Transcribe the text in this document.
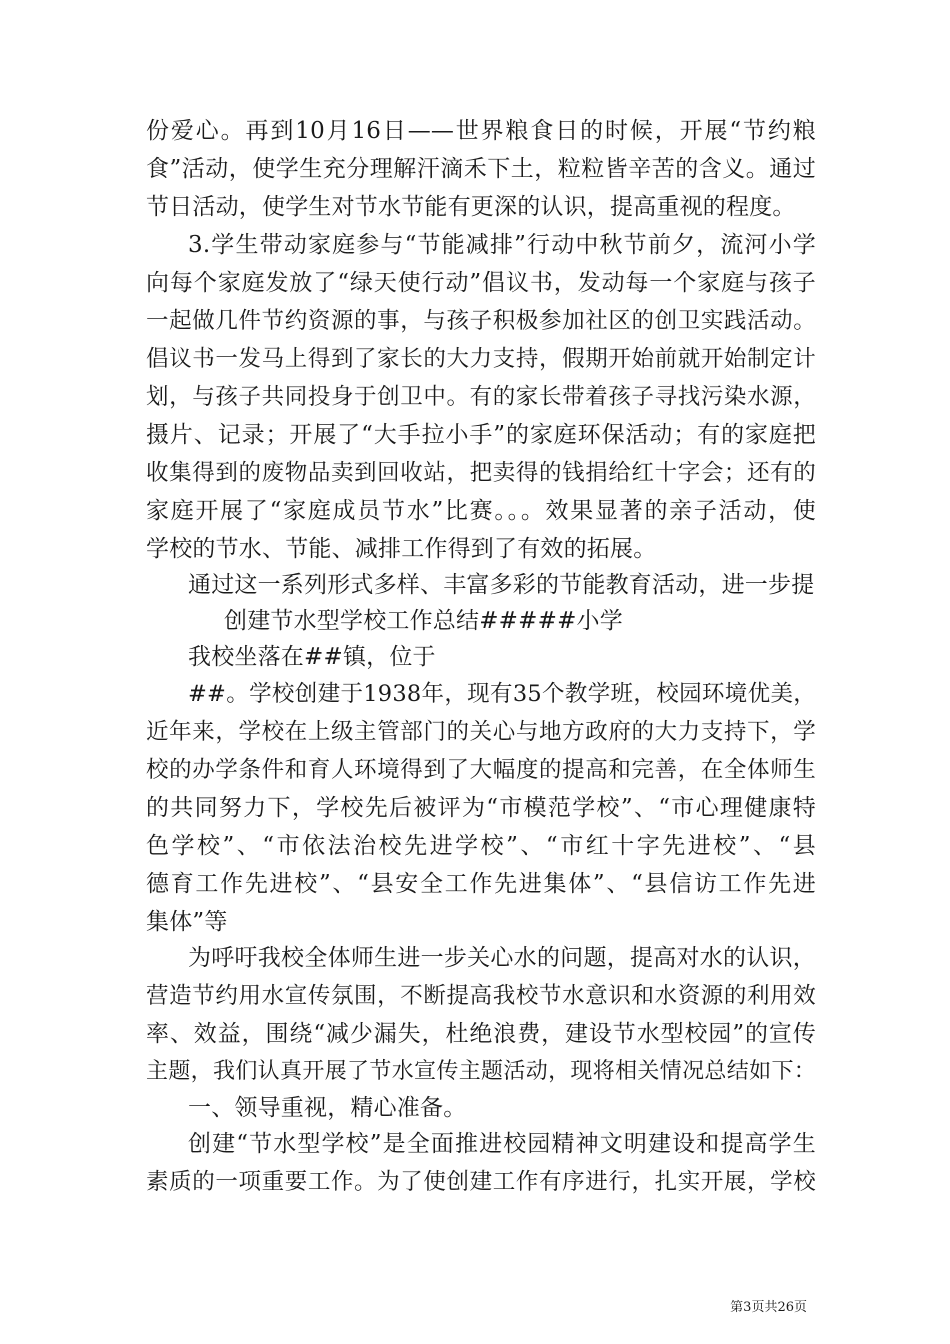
份爱心。再到10月16日——世界粮食日的时候，开展“节约粮
食”活动，使学生充分理解汗滴禾下土，粒粒皆辛苦的含义。通过
节日活动，使学生对节水节能有更深的认识，提高重视的程度。
3.学生带动家庭参与“节能减排”行动中秋节前夕，流河小学
向每个家庭发放了“绿天使行动”倡议书，发动每一个家庭与孩子
一起做几件节约资源的事，与孩子积极参加社区的创卫实践活动。
倡议书一发马上得到了家长的大力支持，假期开始前就开始制定计
划，与孩子共同投身于创卫中。有的家长带着孩子寻找污染水源，
摄片、记录；开展了“大手拉小手”的家庭环保活动；有的家庭把
收集得到的废物品卖到回收站，把卖得的钱捐给红十字会；还有的
家庭开展了“家庭成员节水”比赛。。。效果显著的亲子活动，使
学校的节水、节能、减排工作得到了有效的拓展。
通过这一系列形式多样、丰富多彩的节能教育活动，进一步提
创建节水型学校工作总结#####小学
我校坐落在##镇，位于
##。学校创建于1938年，现有35个教学班，校园环境优美，
近年来，学校在上级主管部门的关心与地方政府的大力支持下，学
校的办学条件和育人环境得到了大幅度的提高和完善，在全体师生
的共同努力下，学校先后被评为“市模范学校”、“市心理健康特
色学校”、“市依法治校先进学校”、“市红十字先进校”、“县
德育工作先进校”、“县安全工作先进集体”、“县信访工作先进
集体”等
为呼吁我校全体师生进一步关心水的问题，提高对水的认识，
营造节约用水宣传氛围，不断提高我校节水意识和水资源的利用效
率、效益，围绕“减少漏失，杜绝浪费，建设节水型校园”的宣传
主题，我们认真开展了节水宣传主题活动，现将相关情况总结如下：
一、领导重视，精心准备。
创建“节水型学校”是全面推进校园精神文明建设和提高学生
素质的一项重要工作。为了使创建工作有序进行，扎实开展，学校
第3页共26页
